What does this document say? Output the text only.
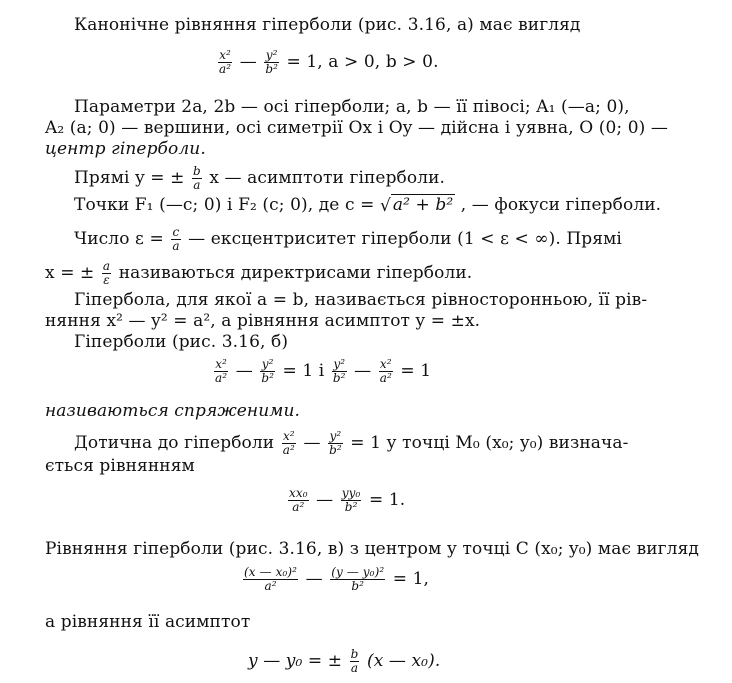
Канонічне рівняння гіперболи (рис. 3.16, а) має вигляд
$\frac{\text{x²}}{\text{a²}}$ — $\frac{\text{y²}}{\text{b²}} = 1$, a > 0, b > 0.
Параметри 2a, 2b — осі гіперболи; a, b — її півосі; A₁ (—a; 0),
A₂ (a; 0) — вершини, осі симетрії Ox і Oy — дійсна і уявна, O (0; 0) —
центр гіперболи.
Прямі y = ± $\frac{b}{a}$ x — асимптоти гіперболи.
Точки F₁ (—c; 0) і F₂ (c; 0), де c = √ a² + b² , — фокуси гіперболи.
Число $\varepsilon = \frac{c}{a}$ — ексцентриситет гіперболи (1 < ε < ∞). Прямі
x = ± $\frac{a}{\varepsilon}$ називаються директрисами гіперболи.
Гіпербола, для якої a = b, називається рівносторонньою, її рів-
няння x² — y² = a², а рівняння асимптот y = ±x.
Гіперболи (рис. 3.16, б)
$\frac{\text{x²}}{\text{a²}}$ — $\frac{\text{y²}}{\text{b²}} = 1$ і $\frac{\text{y²}}{\text{b²}}$ — $\frac{\text{x²}}{\text{a²}} = 1$
називаються спряженими.
Дотична до гіперболи $\frac{\text{x²}}{\text{a²}}$ — $\frac{\text{y²}}{\text{b²}} = 1$ у точці M₀ (x₀; y₀) визнача-
ється рівнянням
$\frac{\text{xx₀}}{\text{a²}}$ — $\frac{\text{yy₀}}{\text{b²}} = 1$.
Рівняння гіперболи (рис. 3.16, в) з центром у точці C (x₀; y₀) має вигляд
$\frac{\text{(x — x₀)²}}{\text{a²}}$ — $\frac{\text{(y — y₀)²}}{\text{b²}} = 1$,
а рівняння її асимптот
y — y₀ = ± $\frac{b}{a} (x$ — x₀).
